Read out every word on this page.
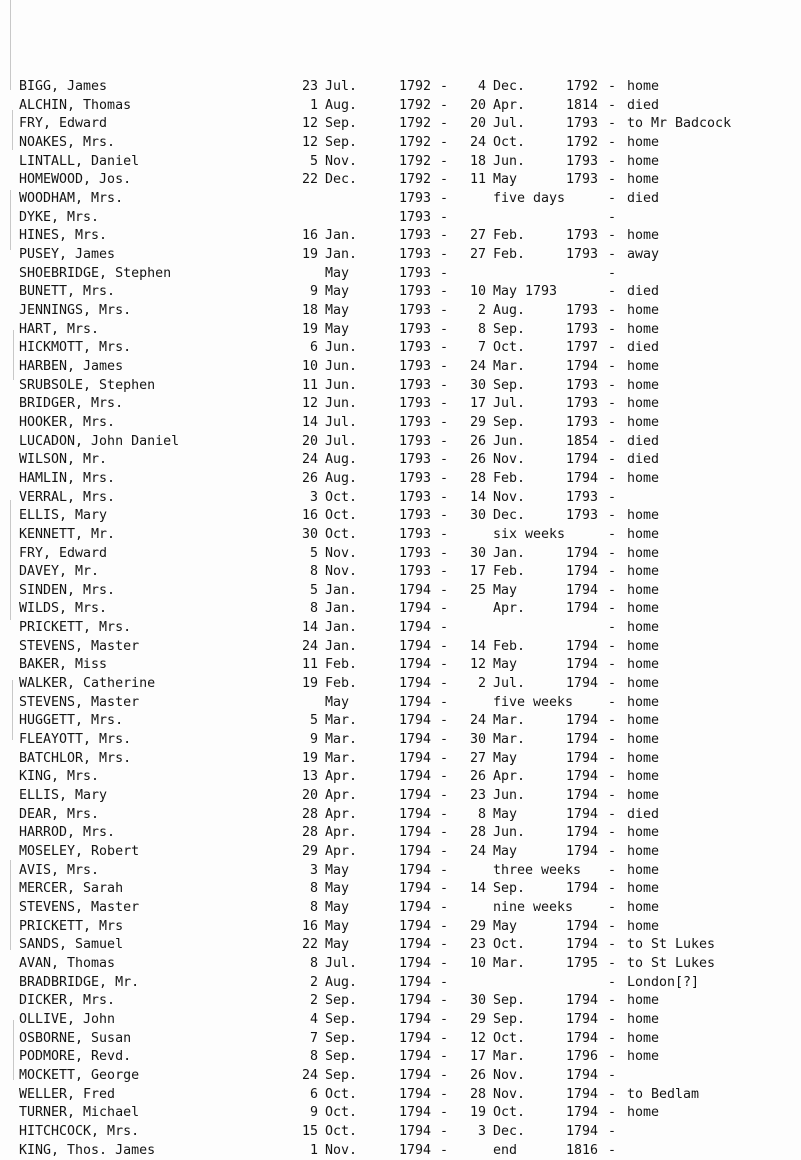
BIGG, James	23 Jul.	1792 -	4 Dec.	1792 - home
ALCHIN, Thomas	1 Aug.	1792 -	20 Apr.	1814 - died
FRY, Edward	12 Sep.	1792 -	20 Jul.	1793 - to Mr Badcock
NOAKES, Mrs.	12 Sep.	1792 -	24 Oct.	1792 - home
LINTALL, Daniel	5 Nov.	1792 -	18 Jun.	1793 - home
HOMEWOOD, Jos.	22 Dec.	1792 -	11 May	1793 - home
WOODHAM, Mrs.	1793 -	five days	- died
DYKE, Mrs.	1793 -	-
HINES, Mrs.	16 Jan.	1793 -	27 Feb.	1793 - home
PUSEY, James	19 Jan.	1793 -	27 Feb.	1793 - away
SHOEBRIDGE, Stephen	May	1793 -	-
BUNETT, Mrs.	9 May	1793 -	10 May 1793	- died
JENNINGS, Mrs.	18 May	1793 -	2 Aug.	1793 - home
HART, Mrs.	19 May	1793 -	8 Sep.	1793 - home
HICKMOTT, Mrs.	6 Jun.	1793 -	7 Oct.	1797 - died
HARBEN, James	10 Jun.	1793 -	24 Mar.	1794 - home
SRUBSOLE, Stephen	11 Jun.	1793 -	30 Sep.	1793 - home
BRIDGER, Mrs.	12 Jun.	1793 -	17 Jul.	1793 - home
HOOKER, Mrs.	14 Jul.	1793 -	29 Sep.	1793 - home
LUCADON, John Daniel	20 Jul.	1793 -	26 Jun.	1854 - died
WILSON, Mr.	24 Aug.	1793 -	26 Nov.	1794 - died
HAMLIN, Mrs.	26 Aug.	1793 -	28 Feb.	1794 - home
VERRAL, Mrs.	3 Oct.	1793 -	14 Nov.	1793 -
ELLIS, Mary	16 Oct.	1793 -	30 Dec.	1793 - home
KENNETT, Mr.	30 Oct.	1793 -	six weeks	- home
FRY, Edward	5 Nov.	1793 -	30 Jan.	1794 - home
DAVEY, Mr.	8 Nov.	1793 -	17 Feb.	1794 - home
SINDEN, Mrs.	5 Jan.	1794 -	25 May	1794 - home
WILDS, Mrs.	8 Jan.	1794 -	Apr.	1794 - home
PRICKETT, Mrs.	14 Jan.	1794 -	- home
STEVENS, Master	24 Jan.	1794 -	14 Feb.	1794 - home
BAKER, Miss	11 Feb.	1794 -	12 May	1794 - home
WALKER, Catherine	19 Feb.	1794 -	2 Jul.	1794 - home
STEVENS, Master	May	1794 -	five weeks	- home
HUGGETT, Mrs.	5 Mar.	1794 -	24 Mar.	1794 - home
FLEAYOTT, Mrs.	9 Mar.	1794 -	30 Mar.	1794 - home
BATCHLOR, Mrs.	19 Mar.	1794 -	27 May	1794 - home
KING, Mrs.	13 Apr.	1794 -	26 Apr.	1794 - home
ELLIS, Mary	20 Apr.	1794 -	23 Jun.	1794 - home
DEAR, Mrs.	28 Apr.	1794 -	8 May	1794 - died
HARROD, Mrs.	28 Apr.	1794 -	28 Jun.	1794 - home
MOSELEY, Robert	29 Apr.	1794 -	24 May	1794 - home
AVIS, Mrs.	3 May	1794 -	three weeks - home
MERCER, Sarah	8 May	1794 -	14 Sep.	1794 - home
STEVENS, Master	8 May	1794 -	nine weeks	- home
PRICKETT, Mrs	16 May	1794 -	29 May	1794 - home
SANDS, Samuel	22 May	1794 -	23 Oct.	1794 - to St Lukes
AVAN, Thomas	8 Jul.	1794 -	10 Mar.	1795 - to St Lukes
BRADBRIDGE, Mr.	2 Aug.	1794 -	- London[?]
DICKER, Mrs.	2 Sep.	1794 -	30 Sep.	1794 - home
OLLIVE, John	4 Sep.	1794 -	29 Sep.	1794 - home
OSBORNE, Susan	7 Sep.	1794 -	12 Oct.	1794 - home
PODMORE, Revd.	8 Sep.	1794 -	17 Mar.	1796 - home
MOCKETT, George	24 Sep.	1794 -	26 Nov.	1794 -
WELLER, Fred	6 Oct.	1794 -	28 Nov.	1794 - to Bedlam
TURNER, Michael	9 Oct.	1794 -	19 Oct.	1794 - home
HITCHCOCK, Mrs.	15 Oct.	1794 -	3 Dec.	1794 -
KING, Thos. James	1 Nov.	1794 -	end	1816 -
